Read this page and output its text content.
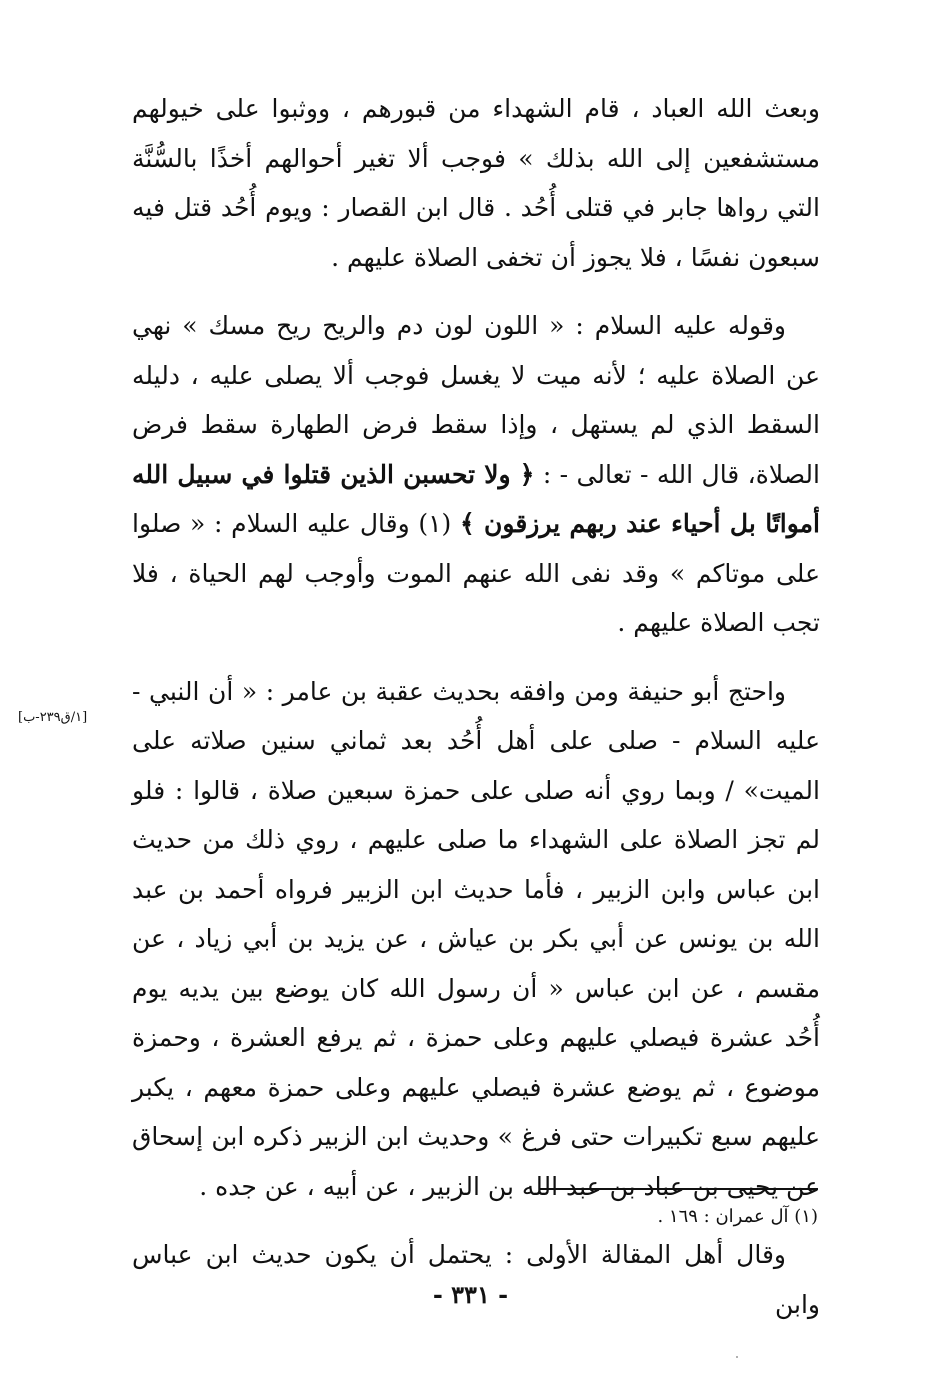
وبعث الله العباد ، قام الشهداء من قبورهم ، ووثبوا على خيولهم مستشفعين إلى الله بذلك » فوجب ألا تغير أحوالهم أخذًا بالسُّنَّة التي رواها جابر في قتلى أُحُد . قال ابن القصار : ويوم أُحُد قتل فيه سبعون نفسًا ، فلا يجوز أن تخفى الصلاة عليهم .

وقوله عليه السلام : « اللون لون دم والريح ريح مسك » نهي عن الصلاة عليه ؛ لأنه ميت لا يغسل فوجب ألا يصلى عليه ، دليله السقط الذي لم يستهل ، وإذا سقط فرض الطهارة سقط فرض الصلاة، قال الله - تعالى - : ﴿ ولا تحسبن الذين قتلوا في سبيل الله أمواتًا بل أحياء عند ربهم يرزقون ﴾ (١) وقال عليه السلام : « صلوا على موتاكم » وقد نفى الله عنهم الموت وأوجب لهم الحياة ، فلا تجب الصلاة عليهم .

واحتج أبو حنيفة ومن وافقه بحديث عقبة بن عامر : « أن النبي - عليه السلام - صلى على أهل أُحُد بعد ثماني سنين صلاته على الميت» / وبما روي أنه صلى على حمزة سبعين صلاة ، قالوا : فلو لم تجز الصلاة على الشهداء ما صلى عليهم ، روي ذلك من حديث ابن عباس وابن الزبير ، فأما حديث ابن الزبير فرواه أحمد بن عبد الله بن يونس عن أبي بكر بن عياش ، عن يزيد بن أبي زياد ، عن مقسم ، عن ابن عباس « أن رسول الله كان يوضع بين يديه يوم أُحُد عشرة فيصلي عليهم وعلى حمزة ، ثم يرفع العشرة ، وحمزة موضوع ، ثم يوضع عشرة فيصلي عليهم وعلى حمزة معهم ، يكبر عليهم سبع تكبيرات حتى فرغ » وحديث ابن الزبير ذكره ابن إسحاق عن يحيى بن عباد بن عبد الله بن الزبير ، عن أبيه ، عن جده .

وقال أهل المقالة الأولى : يحتمل أن يكون حديث ابن عباس وابن

[١/ق٢٣٩-ب]
(١) آل عمران : ١٦٩ .
- ٣٣١ -
